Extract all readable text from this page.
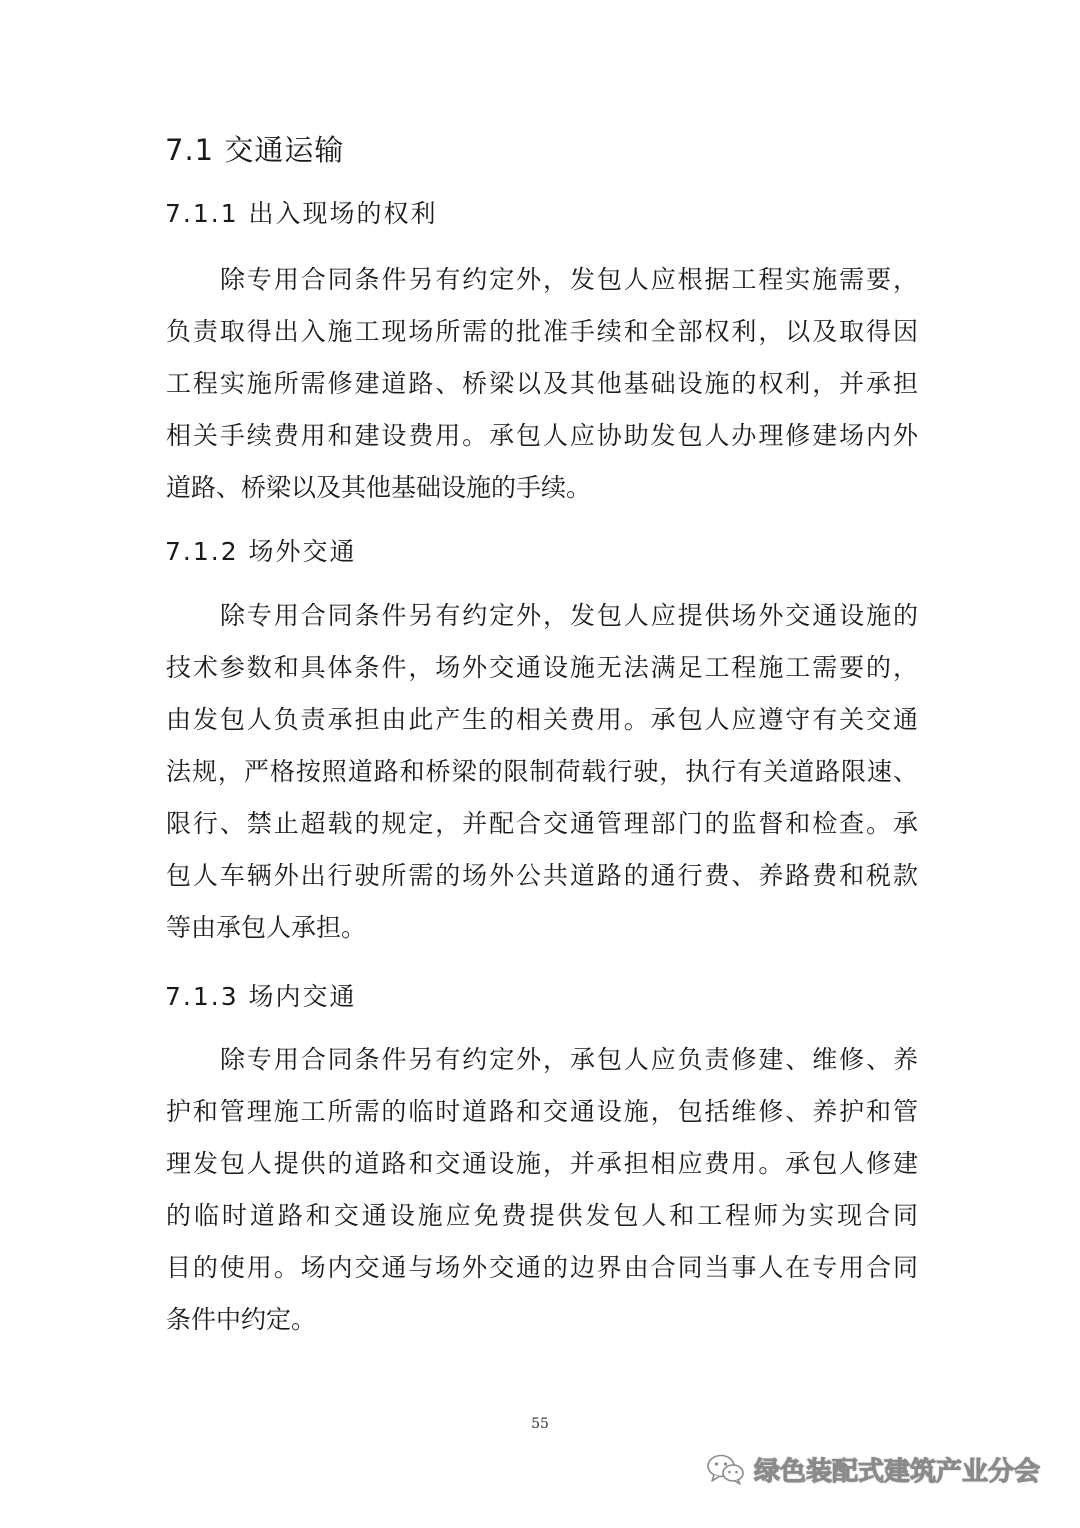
7.1 交通运输
7.1.1 出入现场的权利
除专用合同条件另有约定外，发包人应根据工程实施需要，
负责取得出入施工现场所需的批准手续和全部权利，以及取得因
工程实施所需修建道路、桥梁以及其他基础设施的权利，并承担
相关手续费用和建设费用。承包人应协助发包人办理修建场内外
道路、桥梁以及其他基础设施的手续。
7.1.2 场外交通
除专用合同条件另有约定外，发包人应提供场外交通设施的
技术参数和具体条件，场外交通设施无法满足工程施工需要的，
由发包人负责承担由此产生的相关费用。承包人应遵守有关交通
法规，严格按照道路和桥梁的限制荷载行驶，执行有关道路限速、
限行、禁止超载的规定，并配合交通管理部门的监督和检查。承
包人车辆外出行驶所需的场外公共道路的通行费、养路费和税款
等由承包人承担。
7.1.3 场内交通
除专用合同条件另有约定外，承包人应负责修建、维修、养
护和管理施工所需的临时道路和交通设施，包括维修、养护和管
理发包人提供的道路和交通设施，并承担相应费用。承包人修建
的临时道路和交通设施应免费提供发包人和工程师为实现合同
目的使用。场内交通与场外交通的边界由合同当事人在专用合同
条件中约定。
55
绿色装配式建筑产业分会
